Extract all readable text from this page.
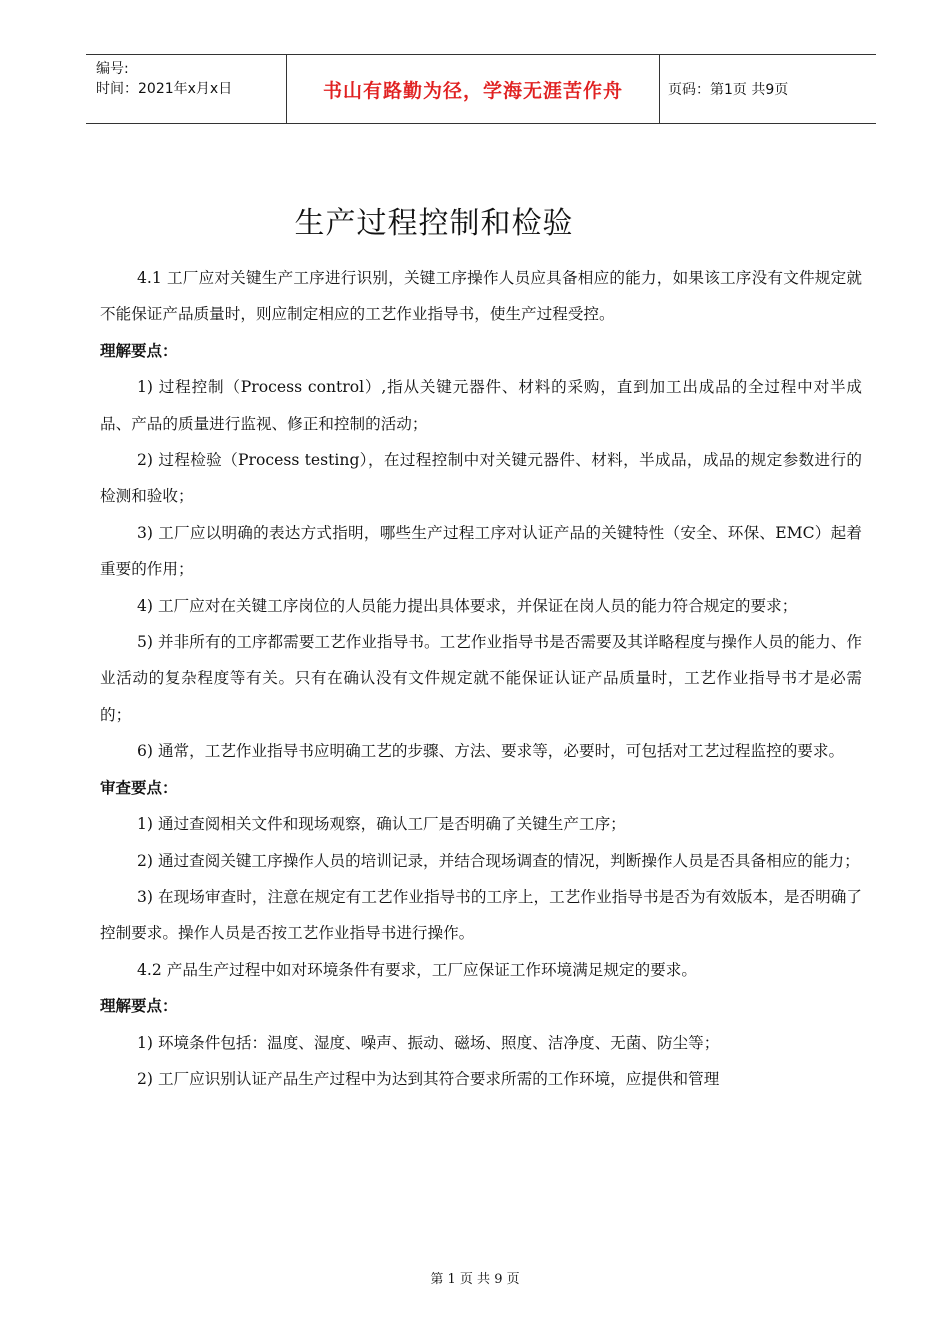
编号:
时间：2021年x月x日	书山有路勤为径，学海无涯苦作舟	页码：第1页 共9页
生产过程控制和检验

4.1 工厂应对关键生产工序进行识别，关键工序操作人员应具备相应的能力，如果该工序没有文件规定就不能保证产品质量时，则应制定相应的工艺作业指导书，使生产过程受控。

理解要点：

1) 过程控制（Process control）,指从关键元器件、材料的采购，直到加工出成品的全过程中对半成品、产品的质量进行监视、修正和控制的活动；

2) 过程检验（Process testing），在过程控制中对关键元器件、材料，半成品，成品的规定参数进行的检测和验收；

3) 工厂应以明确的表达方式指明，哪些生产过程工序对认证产品的关键特性（安全、环保、EMC）起着重要的作用；

4) 工厂应对在关键工序岗位的人员能力提出具体要求，并保证在岗人员的能力符合规定的要求；

5) 并非所有的工序都需要工艺作业指导书。工艺作业指导书是否需要及其详略程度与操作人员的能力、作业活动的复杂程度等有关。只有在确认没有文件规定就不能保证认证产品质量时，工艺作业指导书才是必需的；

6) 通常，工艺作业指导书应明确工艺的步骤、方法、要求等，必要时，可包括对工艺过程监控的要求。

审查要点：

1) 通过查阅相关文件和现场观察，确认工厂是否明确了关键生产工序；

2) 通过查阅关键工序操作人员的培训记录，并结合现场调查的情况，判断操作人员是否具备相应的能力；

3) 在现场审查时，注意在规定有工艺作业指导书的工序上，工艺作业指导书是否为有效版本，是否明确了控制要求。操作人员是否按工艺作业指导书进行操作。

4.2 产品生产过程中如对环境条件有要求，工厂应保证工作环境满足规定的要求。

理解要点：

1) 环境条件包括：温度、湿度、噪声、振动、磁场、照度、洁净度、无菌、防尘等；

2) 工厂应识别认证产品生产过程中为达到其符合要求所需的工作环境，应提供和管理

第 1 页 共 9 页
